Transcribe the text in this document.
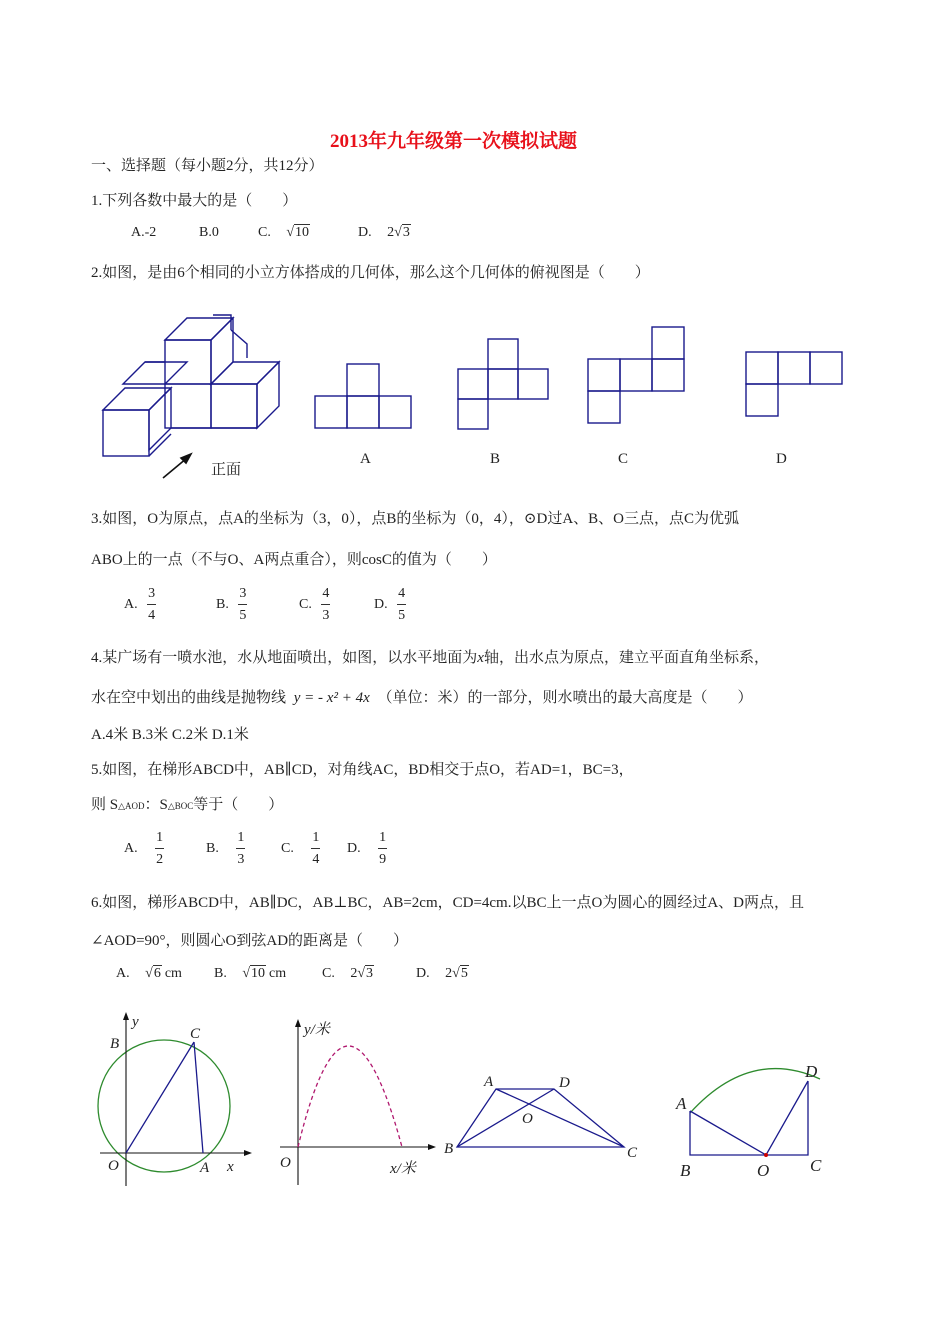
2013年九年级第一次模拟试题
一、选择题（每小题2分，共12分）
1.下列各数中最大的是（　　）
A.-2	B.0	C. √10	D. 2√3
2.如图，是由6个相同的小立方体搭成的几何体，那么这个几何体的俯视图是（　　）
正面
A	B	C	D
3.如图，O为原点，点A的坐标为（3，0），点B的坐标为（0，4），⊙D过A、B、O三点，点C为优弧
ABO上的一点（不与O、A两点重合），则cosC的值为（　　）
A. $\frac{3}{4}$	B. $\frac{3}{5}$	C. $\frac{4}{3}$	D. $\frac{4}{5}$
4.某广场有一喷水池，水从地面喷出，如图，以水平地面为x轴，出水点为原点，建立平面直角坐标系，
水在空中划出的曲线是抛物线 y = - x² + 4x （单位：米）的一部分，则水喷出的最大高度是（　　）
A.4米 B.3米 C.2米 D.1米
5.如图，在梯形ABCD中，AB∥CD，对角线AC，BD相交于点O，若AD=1，BC=3，
则 S△AOD：S△BOC等于（　　）
A. $\frac{1}{2}$	B. $\frac{1}{3}$	C. $\frac{1}{4} D$. $\frac{1}{9}$
6.如图，梯形ABCD中，AB∥DC，AB⊥BC，AB=2cm，CD=4cm.以BC上一点O为圆心的圆经过A、D两点，且
∠AOD=90°，则圆心O到弦AD的距离是（　　）
A. √6 cm B. √10 cm	C. 2√3	D. 2√5
y
B
C
O	A x
y/米
O	x/米
A	D
O
B	C
A
D
B	O C
